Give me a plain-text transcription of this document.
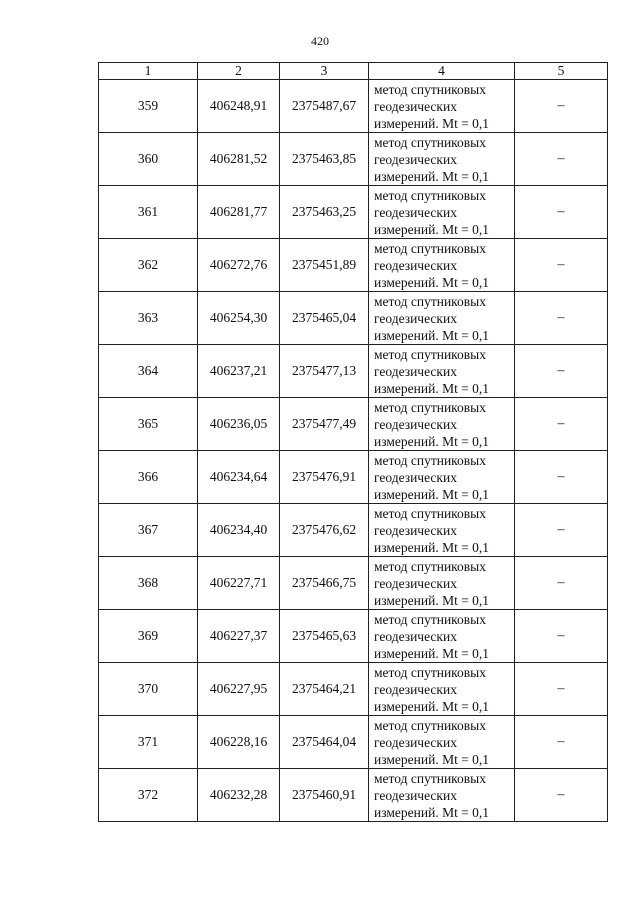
420
1	2	3	4	5
359	406248,91	2375487,67	метод спутниковых
геодезических
измерений. Mt = 0,1	–
360	406281,52	2375463,85	метод спутниковых
геодезических
измерений. Mt = 0,1	–
361	406281,77	2375463,25	метод спутниковых
геодезических
измерений. Mt = 0,1	–
362	406272,76	2375451,89	метод спутниковых
геодезических
измерений. Mt = 0,1	–
363	406254,30	2375465,04	метод спутниковых
геодезических
измерений. Mt = 0,1	–
364	406237,21	2375477,13	метод спутниковых
геодезических
измерений. Mt = 0,1	–
365	406236,05	2375477,49	метод спутниковых
геодезических
измерений. Mt = 0,1	–
366	406234,64	2375476,91	метод спутниковых
геодезических
измерений. Mt = 0,1	–
367	406234,40	2375476,62	метод спутниковых
геодезических
измерений. Mt = 0,1	–
368	406227,71	2375466,75	метод спутниковых
геодезических
измерений. Mt = 0,1	–
369	406227,37	2375465,63	метод спутниковых
геодезических
измерений. Mt = 0,1	–
370	406227,95	2375464,21	метод спутниковых
геодезических
измерений. Mt = 0,1	–
371	406228,16	2375464,04	метод спутниковых
геодезических
измерений. Mt = 0,1	–
372	406232,28	2375460,91	метод спутниковых
геодезических
измерений. Mt = 0,1	–
